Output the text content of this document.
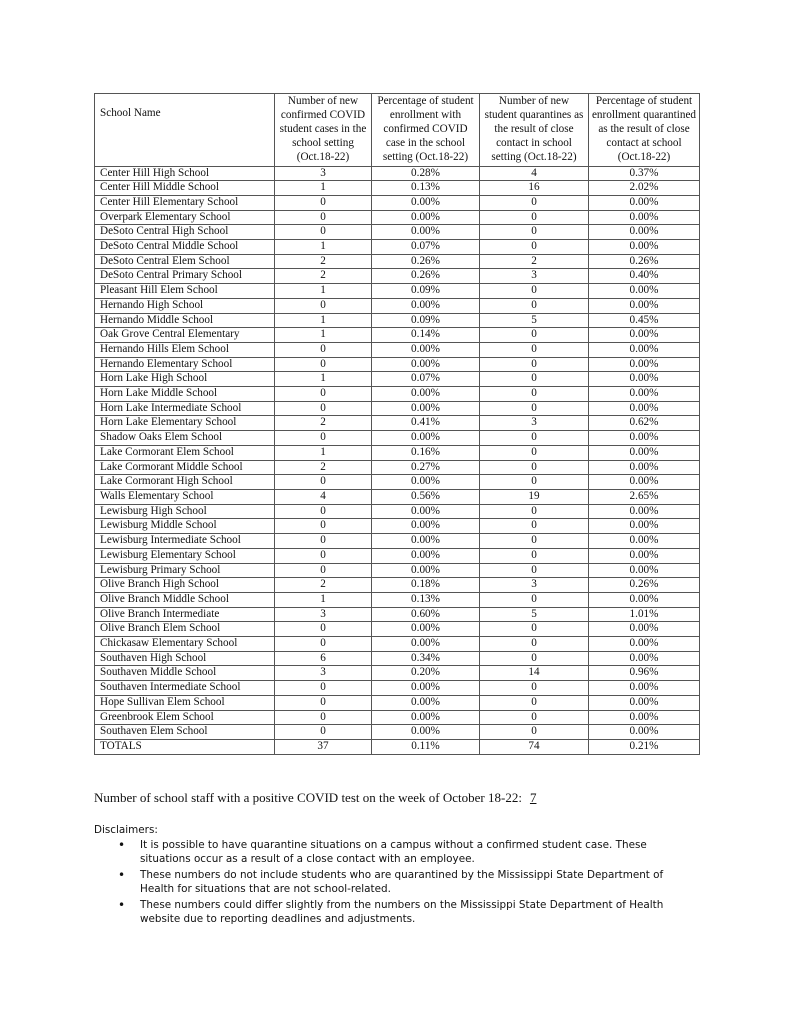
School Name	Number of new confirmed COVID student cases in the school setting (Oct.18-22)	Percentage of student enrollment with confirmed COVID case in the school setting (Oct.18-22)	Number of new student quarantines as the result of close contact in school setting (Oct.18-22)	Percentage of student enrollment quarantined as the result of close contact at school (Oct.18-22)
Center Hill High School	3	0.28%	4	0.37%
Center Hill Middle School	1	0.13%	16	2.02%
Center Hill Elementary School	0	0.00%	0	0.00%
Overpark Elementary School	0	0.00%	0	0.00%
DeSoto Central High School	0	0.00%	0	0.00%
DeSoto Central Middle School	1	0.07%	0	0.00%
DeSoto Central Elem School	2	0.26%	2	0.26%
DeSoto Central Primary School	2	0.26%	3	0.40%
Pleasant Hill Elem School	1	0.09%	0	0.00%
Hernando High School	0	0.00%	0	0.00%
Hernando Middle School	1	0.09%	5	0.45%
Oak Grove Central Elementary	1	0.14%	0	0.00%
Hernando Hills Elem School	0	0.00%	0	0.00%
Hernando Elementary School	0	0.00%	0	0.00%
Horn Lake High School	1	0.07%	0	0.00%
Horn Lake Middle School	0	0.00%	0	0.00%
Horn Lake Intermediate School	0	0.00%	0	0.00%
Horn Lake Elementary School	2	0.41%	3	0.62%
Shadow Oaks Elem School	0	0.00%	0	0.00%
Lake Cormorant Elem School	1	0.16%	0	0.00%
Lake Cormorant Middle School	2	0.27%	0	0.00%
Lake Cormorant High School	0	0.00%	0	0.00%
Walls Elementary School	4	0.56%	19	2.65%
Lewisburg High School	0	0.00%	0	0.00%
Lewisburg Middle School	0	0.00%	0	0.00%
Lewisburg Intermediate School	0	0.00%	0	0.00%
Lewisburg Elementary School	0	0.00%	0	0.00%
Lewisburg Primary School	0	0.00%	0	0.00%
Olive Branch High School	2	0.18%	3	0.26%
Olive Branch Middle School	1	0.13%	0	0.00%
Olive Branch Intermediate	3	0.60%	5	1.01%
Olive Branch Elem School	0	0.00%	0	0.00%
Chickasaw Elementary School	0	0.00%	0	0.00%
Southaven High School	6	0.34%	0	0.00%
Southaven Middle School	3	0.20%	14	0.96%
Southaven Intermediate School	0	0.00%	0	0.00%
Hope Sullivan Elem School	0	0.00%	0	0.00%
Greenbrook Elem School	0	0.00%	0	0.00%
Southaven Elem School	0	0.00%	0	0.00%
TOTALS	37	0.11%	74	0.21%
Number of school staff with a positive COVID test on the week of October 18-22: 7
Disclaimers:
• It is possible to have quarantine situations on a campus without a confirmed student case. These situations occur as a result of a close contact with an employee.
• These numbers do not include students who are quarantined by the Mississippi State Department of Health for situations that are not school-related.
• These numbers could differ slightly from the numbers on the Mississippi State Department of Health website due to reporting deadlines and adjustments.
